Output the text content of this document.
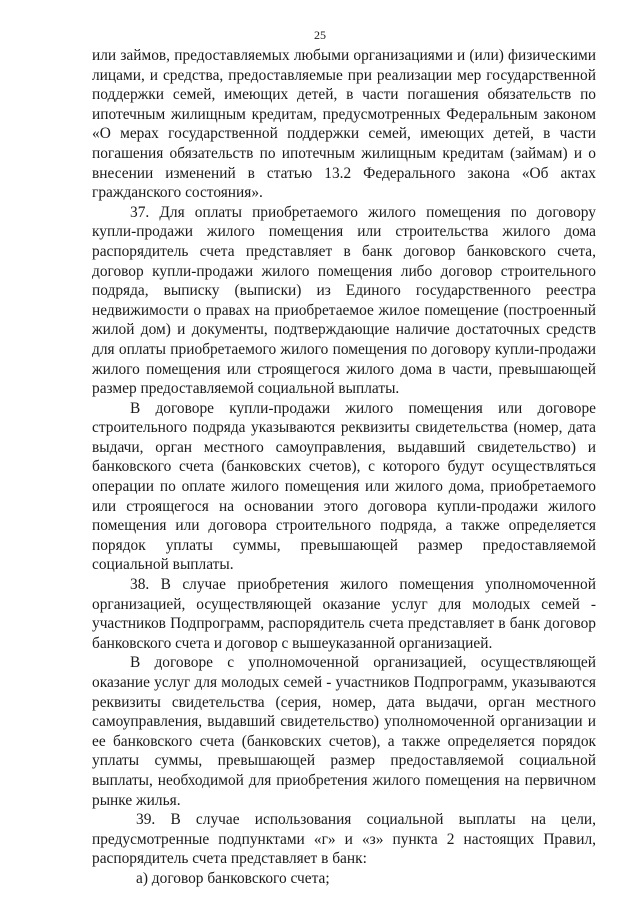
25

или займов, предоставляемых любыми организациями и (или) физическими лицами, и средства, предоставляемые при реализации мер государственной поддержки семей, имеющих детей, в части погашения обязательств по ипотечным жилищным кредитам, предусмотренных Федеральным законом «О мерах государственной поддержки семей, имеющих детей, в части погашения обязательств по ипотечным жилищным кредитам (займам) и о внесении изменений в статью 13.2 Федерального закона «Об актах гражданского состояния».

37. Для оплаты приобретаемого жилого помещения по договору купли-продажи жилого помещения или строительства жилого дома распорядитель счета представляет в банк договор банковского счета, договор купли-продажи жилого помещения либо договор строительного подряда, выписку (выписки) из Единого государственного реестра недвижимости о правах на приобретаемое жилое помещение (построенный жилой дом) и документы, подтверждающие наличие достаточных средств для оплаты приобретаемого жилого помещения по договору купли-продажи жилого помещения или строящегося жилого дома в части, превышающей размер предоставляемой социальной выплаты.

В договоре купли-продажи жилого помещения или договоре строительного подряда указываются реквизиты свидетельства (номер, дата выдачи, орган местного самоуправления, выдавший свидетельство) и банковского счета (банковских счетов), с которого будут осуществляться операции по оплате жилого помещения или жилого дома, приобретаемого или строящегося на основании этого договора купли-продажи жилого помещения или договора строительного подряда, а также определяется порядок уплаты суммы, превышающей размер предоставляемой социальной выплаты.

38. В случае приобретения жилого помещения уполномоченной организацией, осуществляющей оказание услуг для молодых семей - участников Подпрограмм, распорядитель счета представляет в банк договор банковского счета и договор с вышеуказанной организацией.

В договоре с уполномоченной организацией, осуществляющей оказание услуг для молодых семей - участников Подпрограмм, указываются реквизиты свидетельства (серия, номер, дата выдачи, орган местного самоуправления, выдавший свидетельство) уполномоченной организации и ее банковского счета (банковских счетов), а также определяется порядок уплаты суммы, превышающей размер предоставляемой социальной выплаты, необходимой для приобретения жилого помещения на первичном рынке жилья.

39. В случае использования социальной выплаты на цели, предусмотренные подпунктами «г» и «з» пункта 2 настоящих Правил, распорядитель счета представляет в банк:

а) договор банковского счета;
